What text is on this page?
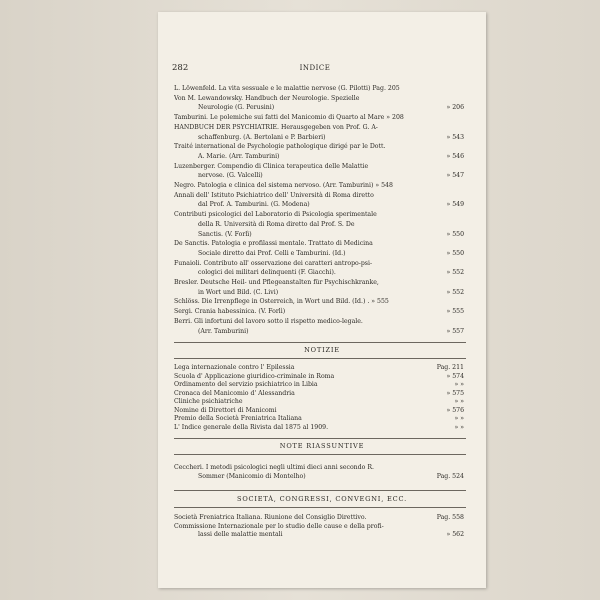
282	INDICE
L. Löwenfeld. La vita sessuale e le malattie nervose (G. Pilotti) Pag. 205
Von M. Lewandowsky. Handbuch der Neurologie. Spezielle
Neurologie (G. Perusini)	» 206
Tamburini. Le polemiche sui fatti del Manicomio di Quarto al Mare » 208
HANDBUCH DER PSYCHIATRIE. Herausgegeben von Prof. G. A-
schaffenburg. (A. Bertolani e P. Barbieri)	» 543
Traité international de Psychologie pathologique dirigé par le Dott.
A. Marie. (Arr. Tamburini)	» 546
Luzenberger. Compendio di Clinica terapeutica delle Malattie
nervose. (G. Valcelli)	» 547
Negro. Patologia e clinica del sistema nervoso. (Arr. Tamburini) » 548
Annali dell' Istituto Psichiatrico dell' Università di Roma diretto
dal Prof. A. Tamburini. (G. Modena)	» 549
Contributi psicologici del Laboratorio di Psicologia sperimentale
della R. Università di Roma diretto dal Prof. S. De
Sanctis. (V. Forlì)	» 550
De Sanctis. Patologia e profilassi mentale. Trattato di Medicina
Sociale diretto dai Prof. Celli e Tamburini. (Id.)	» 550
Funaioli. Contributo all' osservazione dei caratteri antropo-psi-
cologici dei militari delinquenti (F. Giacchi).	» 552
Bresler. Deutsche Heil- und Pflegeanstalten für Psychischkranke,
in Wort und Bild. (C. Livi)	» 552
Schlöss. Die Irrenpflege in Osterreich, in Wort und Bild. (Id.) . » 555
Sergi. Crania habessinica. (V. Forlì)	» 555
Berri. Gli infortuni del lavoro sotto il rispetto medico-legale.
(Arr. Tamburini)	» 557
NOTIZIE
Lega internazionale contro l' Epilessia	Pag. 211
Scuola d' Applicazione giuridico-criminale in Roma	» 574
Ordinamento del servizio psichiatrico in Libia	» »
Cronaca del Manicomio d' Alessandria	» 575
Cliniche psichiatriche	» »
Nomine di Direttori di Manicomi	» 576
Premio della Società Freniatrica Italiana	» »
L' Indice generale della Rivista dal 1875 al 1909.	» »
NOTE RIASSUNTIVE
Ceccheri. I metodi psicologici negli ultimi dieci anni secondo R.
Sommer (Manicomio di Montelho)	Pag. 524
SOCIETÀ, CONGRESSI, CONVEGNI, ECC.
Società Freniatrica Italiana. Riunione del Consiglio Direttivo.	Pag. 558
Commissione Internazionale per lo studio delle cause e della profi-
lassi delle malattie mentali	» 562
